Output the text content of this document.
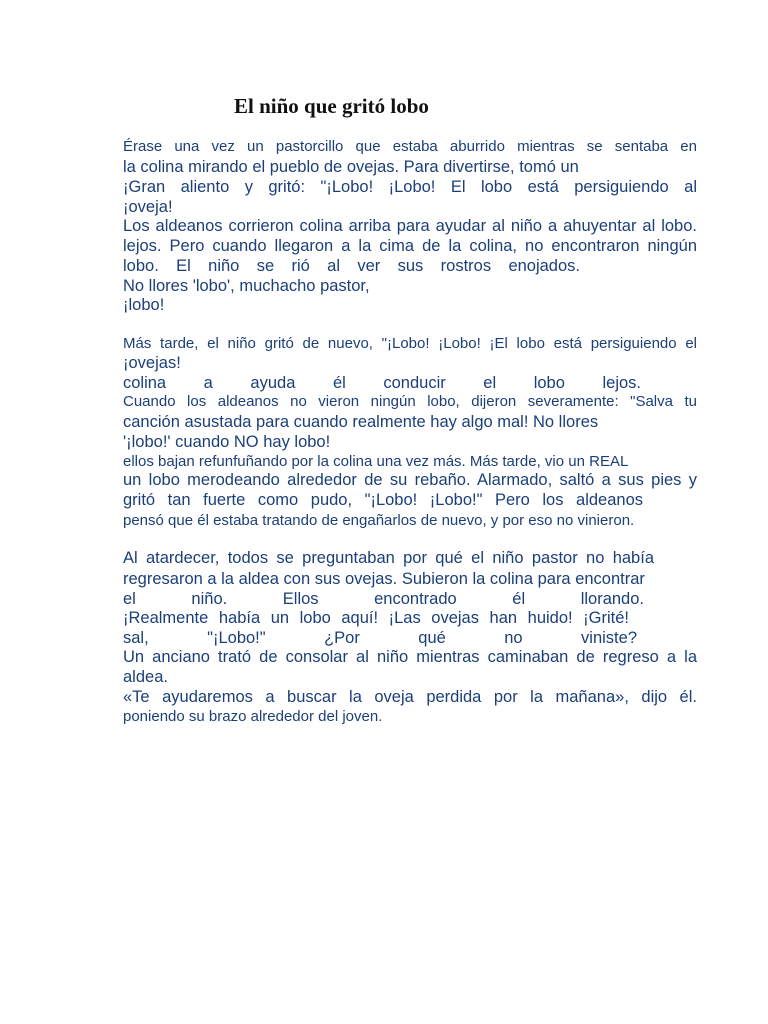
El niño que gritó lobo

Érase una vez un pastorcillo que estaba aburrido mientras se sentaba en

la colina mirando el pueblo de ovejas. Para divertirse, tomó un

¡Gran aliento y gritó: "¡Lobo! ¡Lobo! El lobo está persiguiendo al

¡oveja!

Los aldeanos corrieron colina arriba para ayudar al niño a ahuyentar al lobo.

lejos. Pero cuando llegaron a la cima de la colina, no encontraron ningún

lobo. El niño se rió al ver sus rostros enojados.

No llores 'lobo', muchacho pastor,

¡lobo!

Más tarde, el niño gritó de nuevo, "¡Lobo! ¡Lobo! ¡El lobo está persiguiendo el

¡ovejas!

colina a ayuda él conducir el lobo lejos.

Cuando los aldeanos no vieron ningún lobo, dijeron severamente: "Salva tu

canción asustada para cuando realmente hay algo mal! No llores

'¡lobo!' cuando NO hay lobo!

ellos bajan refunfuñando por la colina una vez más. Más tarde, vio un REAL

un lobo merodeando alrededor de su rebaño. Alarmado, saltó a sus pies y

gritó tan fuerte como pudo, "¡Lobo! ¡Lobo!" Pero los aldeanos

pensó que él estaba tratando de engañarlos de nuevo, y por eso no vinieron.

Al atardecer, todos se preguntaban por qué el niño pastor no había

regresaron a la aldea con sus ovejas. Subieron la colina para encontrar

el niño. Ellos encontrado él llorando.

¡Realmente había un lobo aquí! ¡Las ovejas han huido! ¡Grité!

sal, "¡Lobo!" ¿Por qué no viniste?

Un anciano trató de consolar al niño mientras caminaban de regreso a la

aldea.

«Te ayudaremos a buscar la oveja perdida por la mañana», dijo él.

poniendo su brazo alrededor del joven.
